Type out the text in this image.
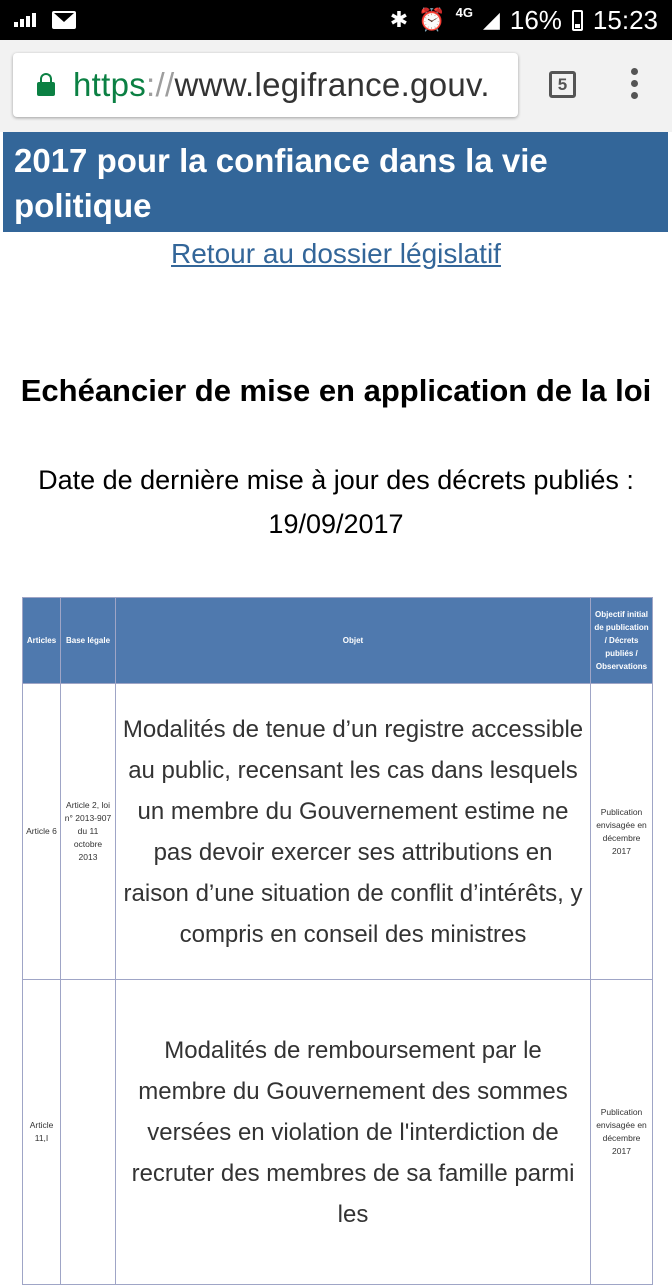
✱ ⏰ 4G ◢ 16% 15:23
https://www.legifrance.gouv.	5
2017 pour la confiance dans la vie politique
Retour au dossier législatif
Echéancier de mise en application de la loi
Date de dernière mise à jour des décrets publiés : 19/09/2017
Articles	Base légale	Objet	Objectif initial de publication / Décrets publiés / Observations
Article 6	Article 2, loi n° 2013-907 du 11 octobre 2013	Modalités de tenue d’un registre accessible au public, recensant les cas dans lesquels un membre du Gouvernement estime ne pas devoir exercer ses attributions en raison d’une situation de conflit d’intérêts, y compris en conseil des ministres	Publication envisagée en décembre 2017
Article 11,I		Modalités de remboursement par le membre du Gouvernement des sommes versées en violation de l'interdiction de recruter des membres de sa famille parmi les	Publication envisagée en décembre 2017
